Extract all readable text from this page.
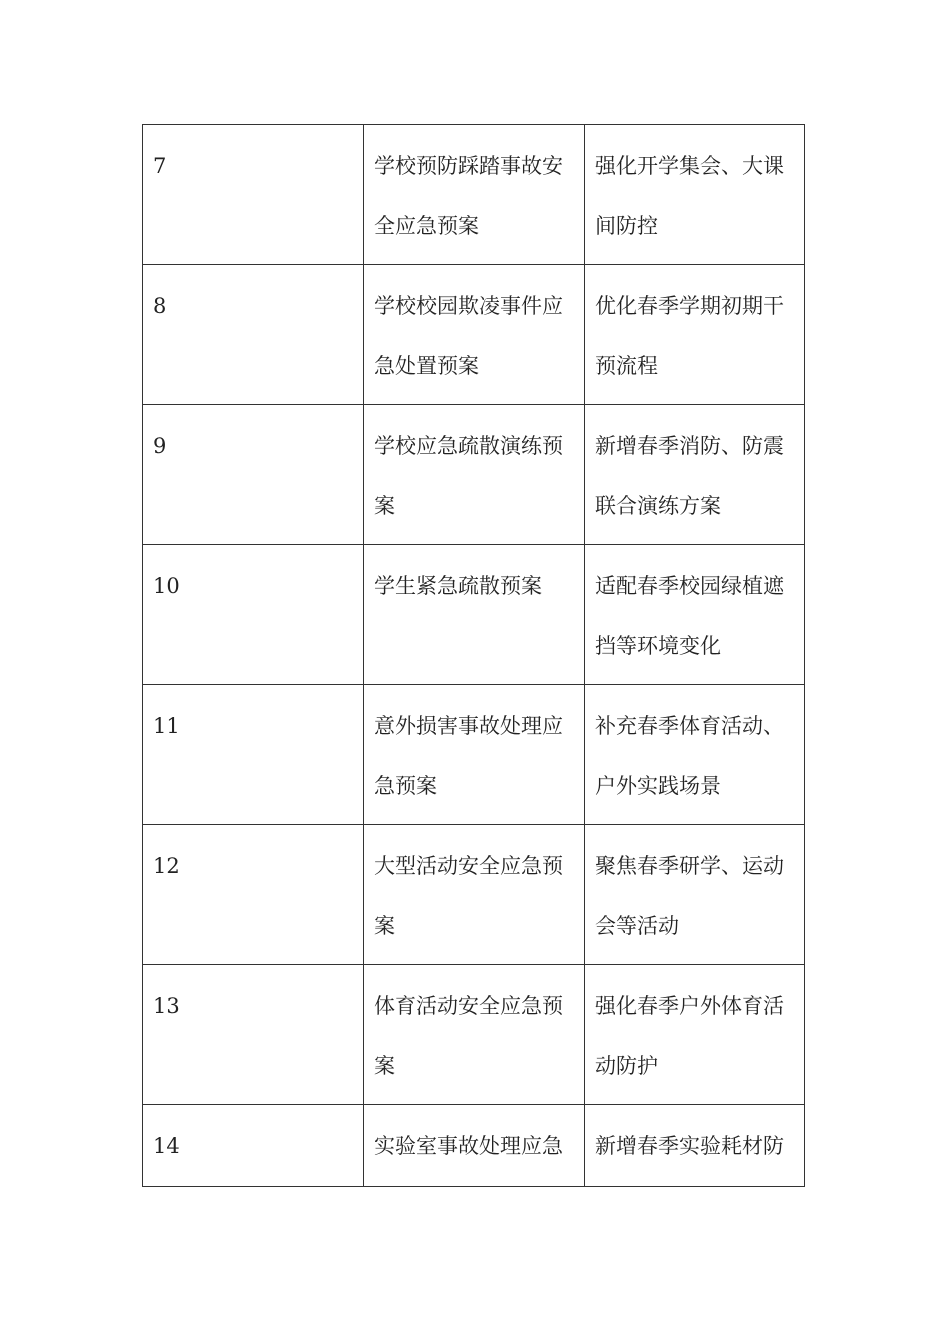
7	学校预防踩踏事故安全应急预案	强化开学集会、大课间防控

8	学校校园欺凌事件应急处置预案	优化春季学期初期干预流程

9	学校应急疏散演练预案	新增春季消防、防震联合演练方案

10	学生紧急疏散预案	适配春季校园绿植遮挡等环境变化

11	意外损害事故处理应急预案	补充春季体育活动、户外实践场景

12	大型活动安全应急预案	聚焦春季研学、运动会等活动

13	体育活动安全应急预案	强化春季户外体育活动防护

14	实验室事故处理应急	新增春季实验耗材防
